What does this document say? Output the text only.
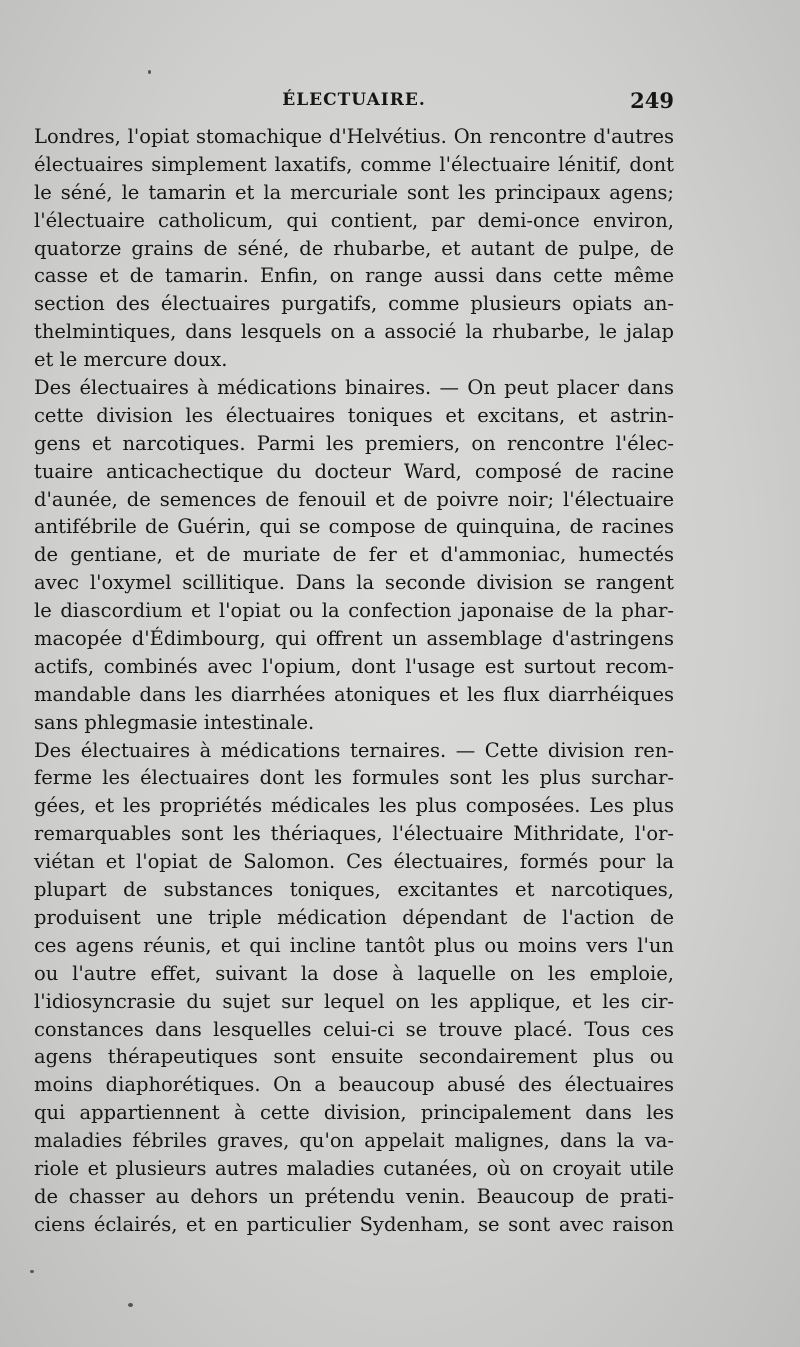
ÉLECTUAIRE.	249
Londres, l'opiat stomachique d'Helvétius. On rencontre d'autres
électuaires simplement laxatifs, comme l'électuaire lénitif, dont
le séné, le tamarin et la mercuriale sont les principaux agens;
l'électuaire catholicum, qui contient, par demi-once environ,
quatorze grains de séné, de rhubarbe, et autant de pulpe, de
casse et de tamarin. Enfin, on range aussi dans cette même
section des électuaires purgatifs, comme plusieurs opiats an-
thelmintiques, dans lesquels on a associé la rhubarbe, le jalap
et le mercure doux.
Des électuaires à médications binaires. — On peut placer dans
cette division les électuaires toniques et excitans, et astrin-
gens et narcotiques. Parmi les premiers, on rencontre l'élec-
tuaire anticachectique du docteur Ward, composé de racine
d'aunée, de semences de fenouil et de poivre noir; l'électuaire
antifébrile de Guérin, qui se compose de quinquina, de racines
de gentiane, et de muriate de fer et d'ammoniac, humectés
avec l'oxymel scillitique. Dans la seconde division se rangent
le diascordium et l'opiat ou la confection japonaise de la phar-
macopée d'Édimbourg, qui offrent un assemblage d'astringens
actifs, combinés avec l'opium, dont l'usage est surtout recom-
mandable dans les diarrhées atoniques et les flux diarrhéiques
sans phlegmasie intestinale.
Des électuaires à médications ternaires. — Cette division ren-
ferme les électuaires dont les formules sont les plus surchar-
gées, et les propriétés médicales les plus composées. Les plus
remarquables sont les thériaques, l'électuaire Mithridate, l'or-
viétan et l'opiat de Salomon. Ces électuaires, formés pour la
plupart de substances toniques, excitantes et narcotiques,
produisent une triple médication dépendant de l'action de
ces agens réunis, et qui incline tantôt plus ou moins vers l'un
ou l'autre effet, suivant la dose à laquelle on les emploie,
l'idiosyncrasie du sujet sur lequel on les applique, et les cir-
constances dans lesquelles celui-ci se trouve placé. Tous ces
agens thérapeutiques sont ensuite secondairement plus ou
moins diaphorétiques. On a beaucoup abusé des électuaires
qui appartiennent à cette division, principalement dans les
maladies fébriles graves, qu'on appelait malignes, dans la va-
riole et plusieurs autres maladies cutanées, où on croyait utile
de chasser au dehors un prétendu venin. Beaucoup de prati-
ciens éclairés, et en particulier Sydenham, se sont avec raison
